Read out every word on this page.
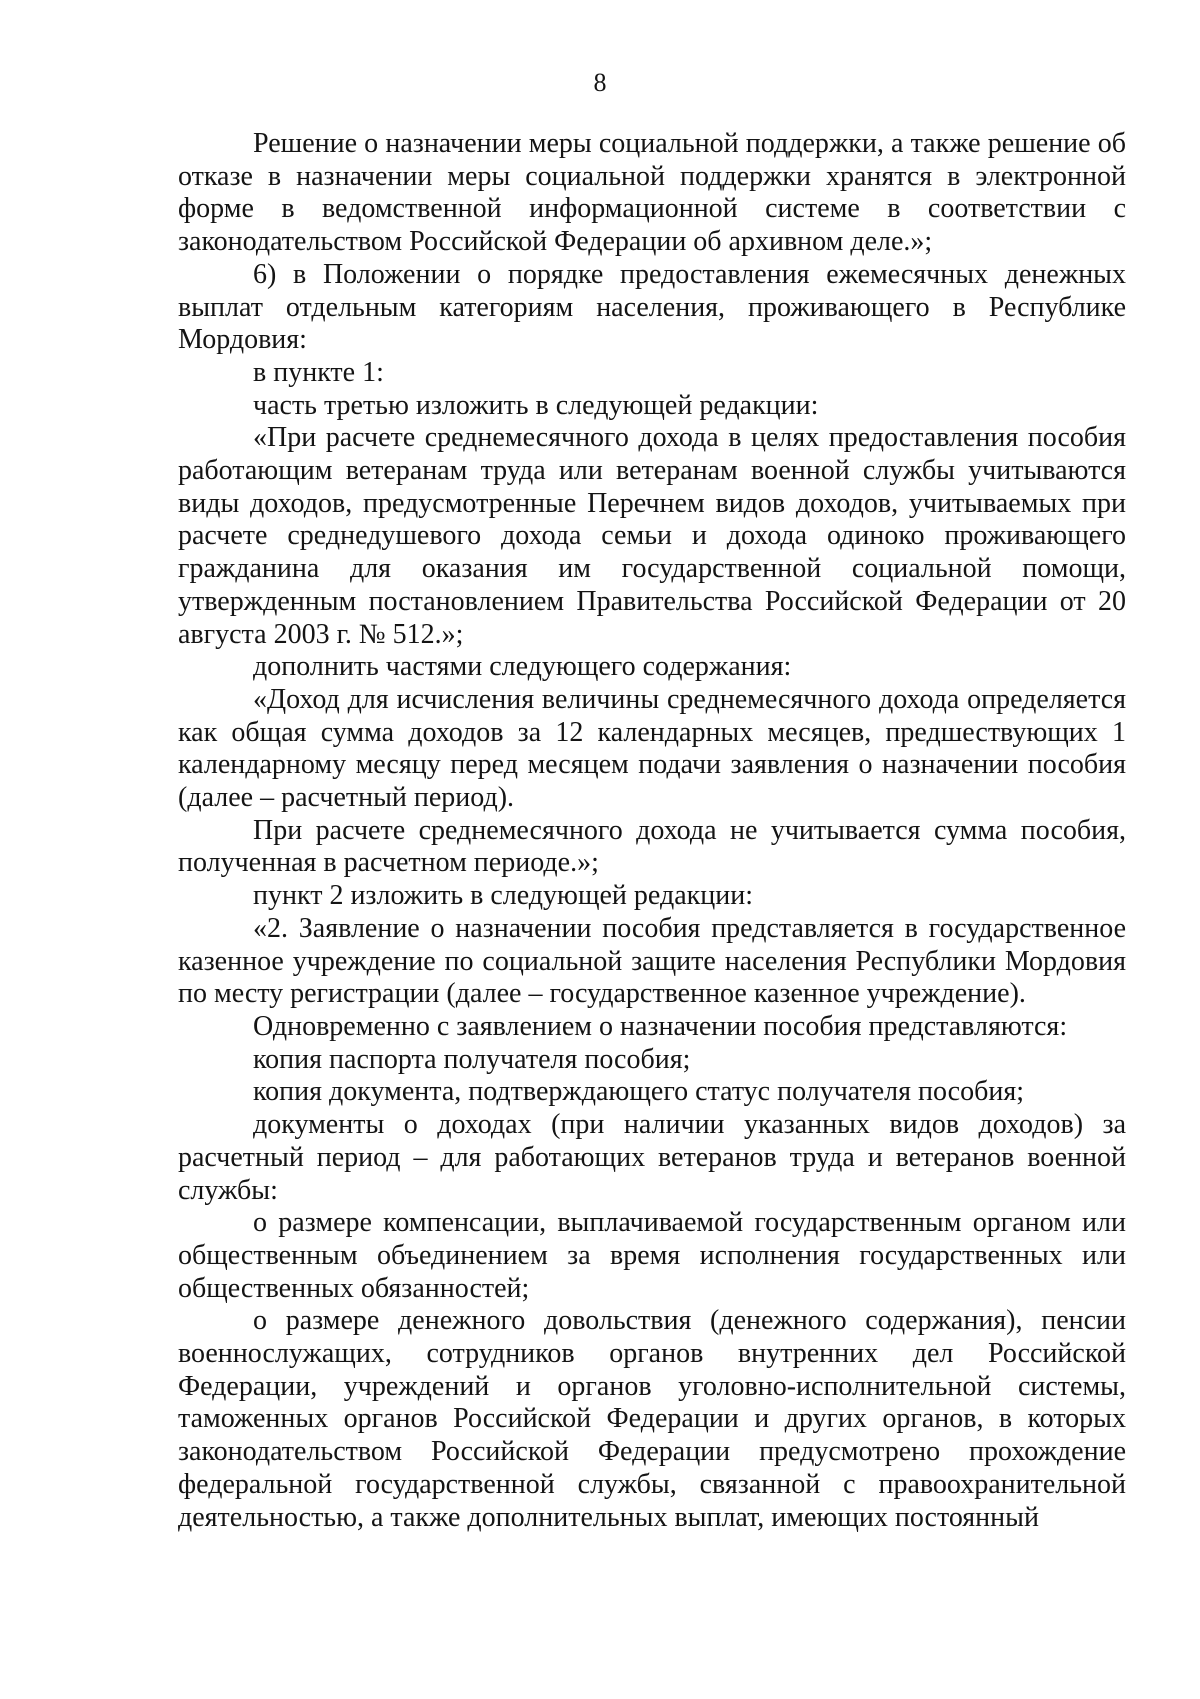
8

Решение о назначении меры социальной поддержки, а также решение об отказе в назначении меры социальной поддержки хранятся в электронной форме в ведомственной информационной системе в соответствии с законодательством Российской Федерации об архивном деле.»;

6) в Положении о порядке предоставления ежемесячных денежных выплат отдельным категориям населения, проживающего в Республике Мордовия:

в пункте 1:

часть третью изложить в следующей редакции:

«При расчете среднемесячного дохода в целях предоставления пособия работающим ветеранам труда или ветеранам военной службы учитываются виды доходов, предусмотренные Перечнем видов доходов, учитываемых при расчете среднедушевого дохода семьи и дохода одиноко проживающего гражданина для оказания им государственной социальной помощи, утвержденным постановлением Правительства Российской Федерации от 20 августа 2003 г. № 512.»;

дополнить частями следующего содержания:

«Доход для исчисления величины среднемесячного дохода определяется как общая сумма доходов за 12 календарных месяцев, предшествующих 1 календарному месяцу перед месяцем подачи заявления о назначении пособия (далее – расчетный период).

При расчете среднемесячного дохода не учитывается сумма пособия, полученная в расчетном периоде.»;

пункт 2 изложить в следующей редакции:

«2. Заявление о назначении пособия представляется в государственное казенное учреждение по социальной защите населения Республики Мордовия по месту регистрации (далее – государственное казенное учреждение).

Одновременно с заявлением о назначении пособия представляются:

копия паспорта получателя пособия;

копия документа, подтверждающего статус получателя пособия;

документы о доходах (при наличии указанных видов доходов) за расчетный период – для работающих ветеранов труда и ветеранов военной службы:

о размере компенсации, выплачиваемой государственным органом или общественным объединением за время исполнения государственных или общественных обязанностей;

о размере денежного довольствия (денежного содержания), пенсии военнослужащих, сотрудников органов внутренних дел Российской Федерации, учреждений и органов уголовно-исполнительной системы, таможенных органов Российской Федерации и других органов, в которых законодательством Российской Федерации предусмотрено прохождение федеральной государственной службы, связанной с правоохранительной деятельностью, а также дополнительных выплат, имеющих постоянный
